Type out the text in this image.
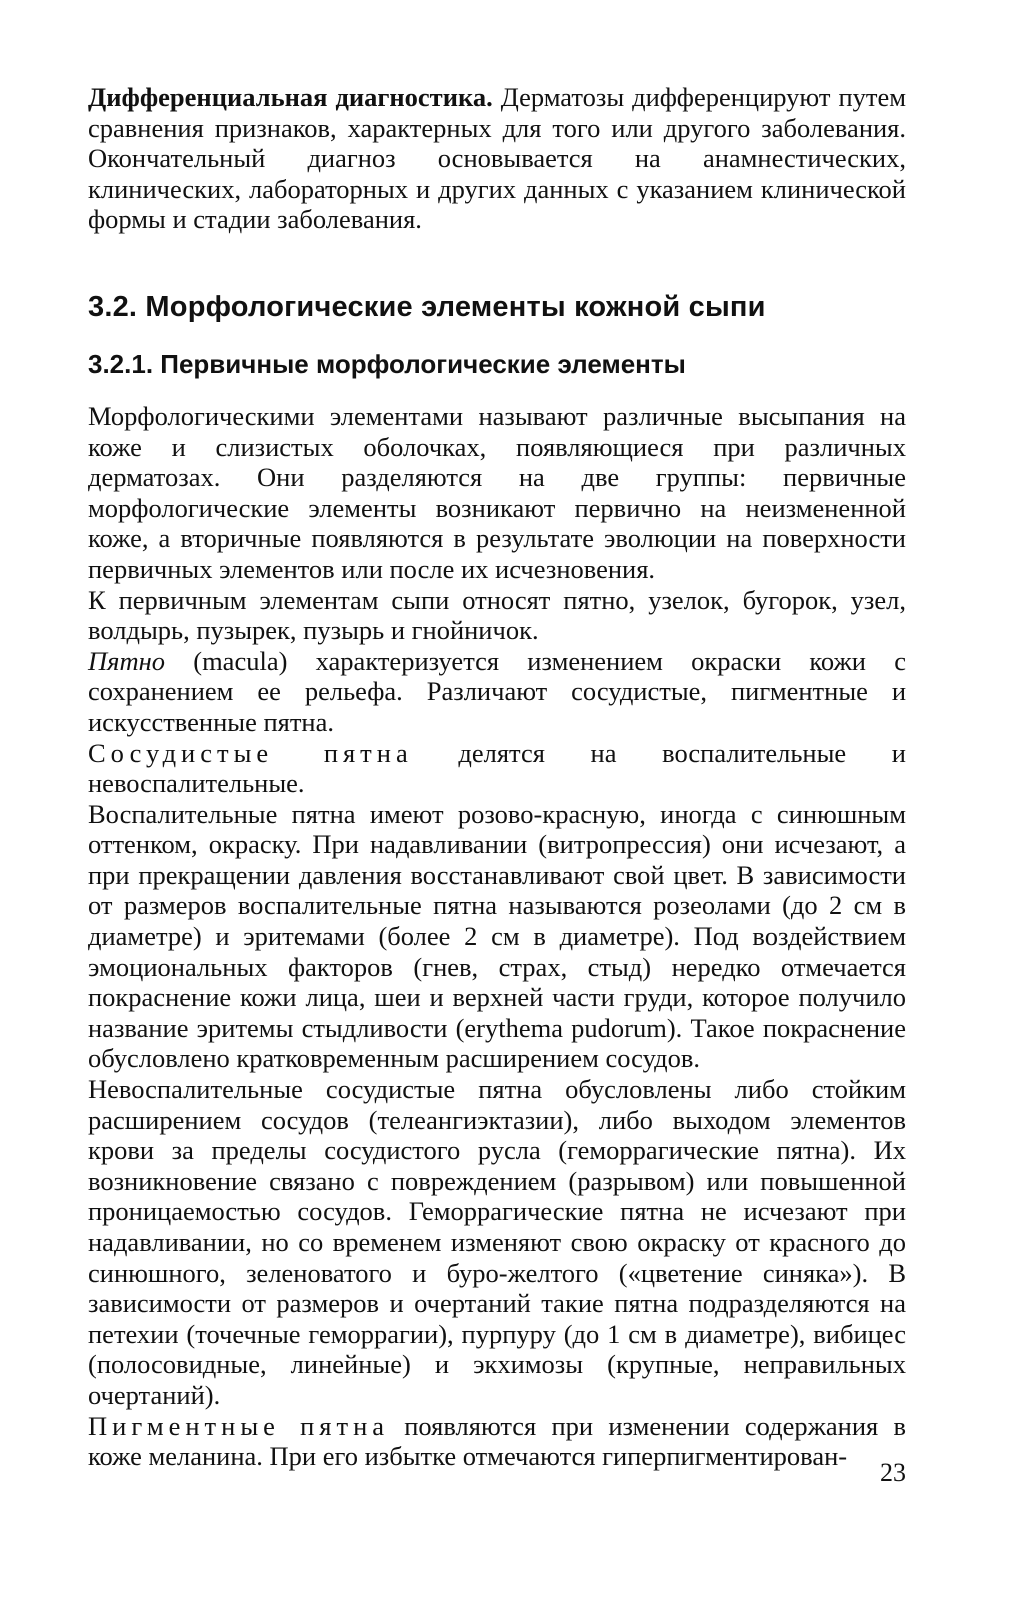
Дифференциальная диагностика. Дерматозы дифференцируют путем сравнения признаков, характерных для того или другого заболевания. Окончательный диагноз основывается на анамнестических, клинических, лабораторных и других данных с указанием клинической формы и стадии заболевания.

3.2. Морфологические элементы кожной сыпи
3.2.1. Первичные морфологические элементы

Морфологическими элементами называют различные высыпания на коже и слизистых оболочках, появляющиеся при различных дерматозах. Они разделяются на две группы: первичные морфологические элементы возникают первично на неизмененной коже, а вторичные появляются в результате эволюции на поверхности первичных элементов или после их исчезновения.

К первичным элементам сыпи относят пятно, узелок, бугорок, узел, волдырь, пузырек, пузырь и гнойничок.

Пятно (macula) характеризуется изменением окраски кожи с сохранением ее рельефа. Различают сосудистые, пигментные и искусственные пятна.

Сосудистые пятна делятся на воспалительные и невоспалительные.

Воспалительные пятна имеют розово-красную, иногда с синюшным оттенком, окраску. При надавливании (витропрессия) они исчезают, а при прекращении давления восстанавливают свой цвет. В зависимости от размеров воспалительные пятна называются розеолами (до 2 см в диаметре) и эритемами (более 2 см в диаметре). Под воздействием эмоциональных факторов (гнев, страх, стыд) нередко отмечается покраснение кожи лица, шеи и верхней части груди, которое получило название эритемы стыдливости (erythema pudorum). Такое покраснение обусловлено кратковременным расширением сосудов.

Невоспалительные сосудистые пятна обусловлены либо стойким расширением сосудов (телеангиэктазии), либо выходом элементов крови за пределы сосудистого русла (геморрагические пятна). Их возникновение связано с повреждением (разрывом) или повышенной проницаемостью сосудов. Геморрагические пятна не исчезают при надавливании, но со временем изменяют свою окраску от красного до синюшного, зеленоватого и буро-желтого («цветение синяка»). В зависимости от размеров и очертаний такие пятна подразделяются на петехии (точечные геморрагии), пурпуру (до 1 см в диаметре), вибицес (полосовидные, линейные) и экхимозы (крупные, неправильных очертаний).

Пигментные пятна появляются при изменении содержания в коже меланина. При его избытке отмечаются гиперпигментирован-

23
